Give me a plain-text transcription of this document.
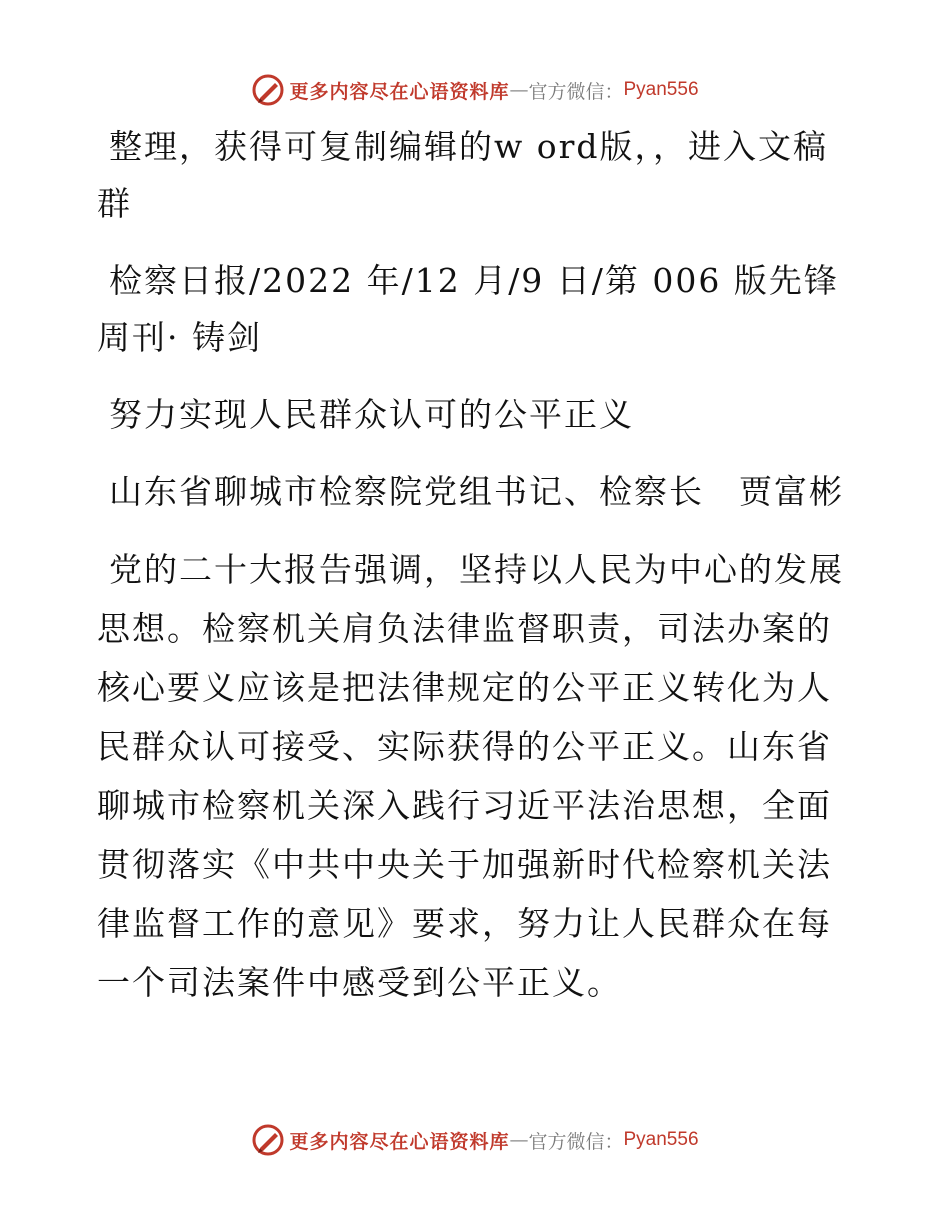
更多内容尽在心语资料库 — 官方微信： Pyan556

整理，获得可复制编辑的w ord版，，进入文稿群

检察日报/2022 年/12 月/9 日/第 006 版先锋周刊· 铸剑

努力实现人民群众认可的公平正义

山东省聊城市检察院党组书记、检察长　贾富彬

党的二十大报告强调，坚持以人民为中心的发展思想。检察机关肩负法律监督职责，司法办案的核心要义应该是把法律规定的公平正义转化为人民群众认可接受、实际获得的公平正义。山东省聊城市检察机关深入践行习近平法治思想，全面贯彻落实《中共中央关于加强新时代检察机关法律监督工作的意见》要求，努力让人民群众在每一个司法案件中感受到公平正义。

更多内容尽在心语资料库 — 官方微信： Pyan556
